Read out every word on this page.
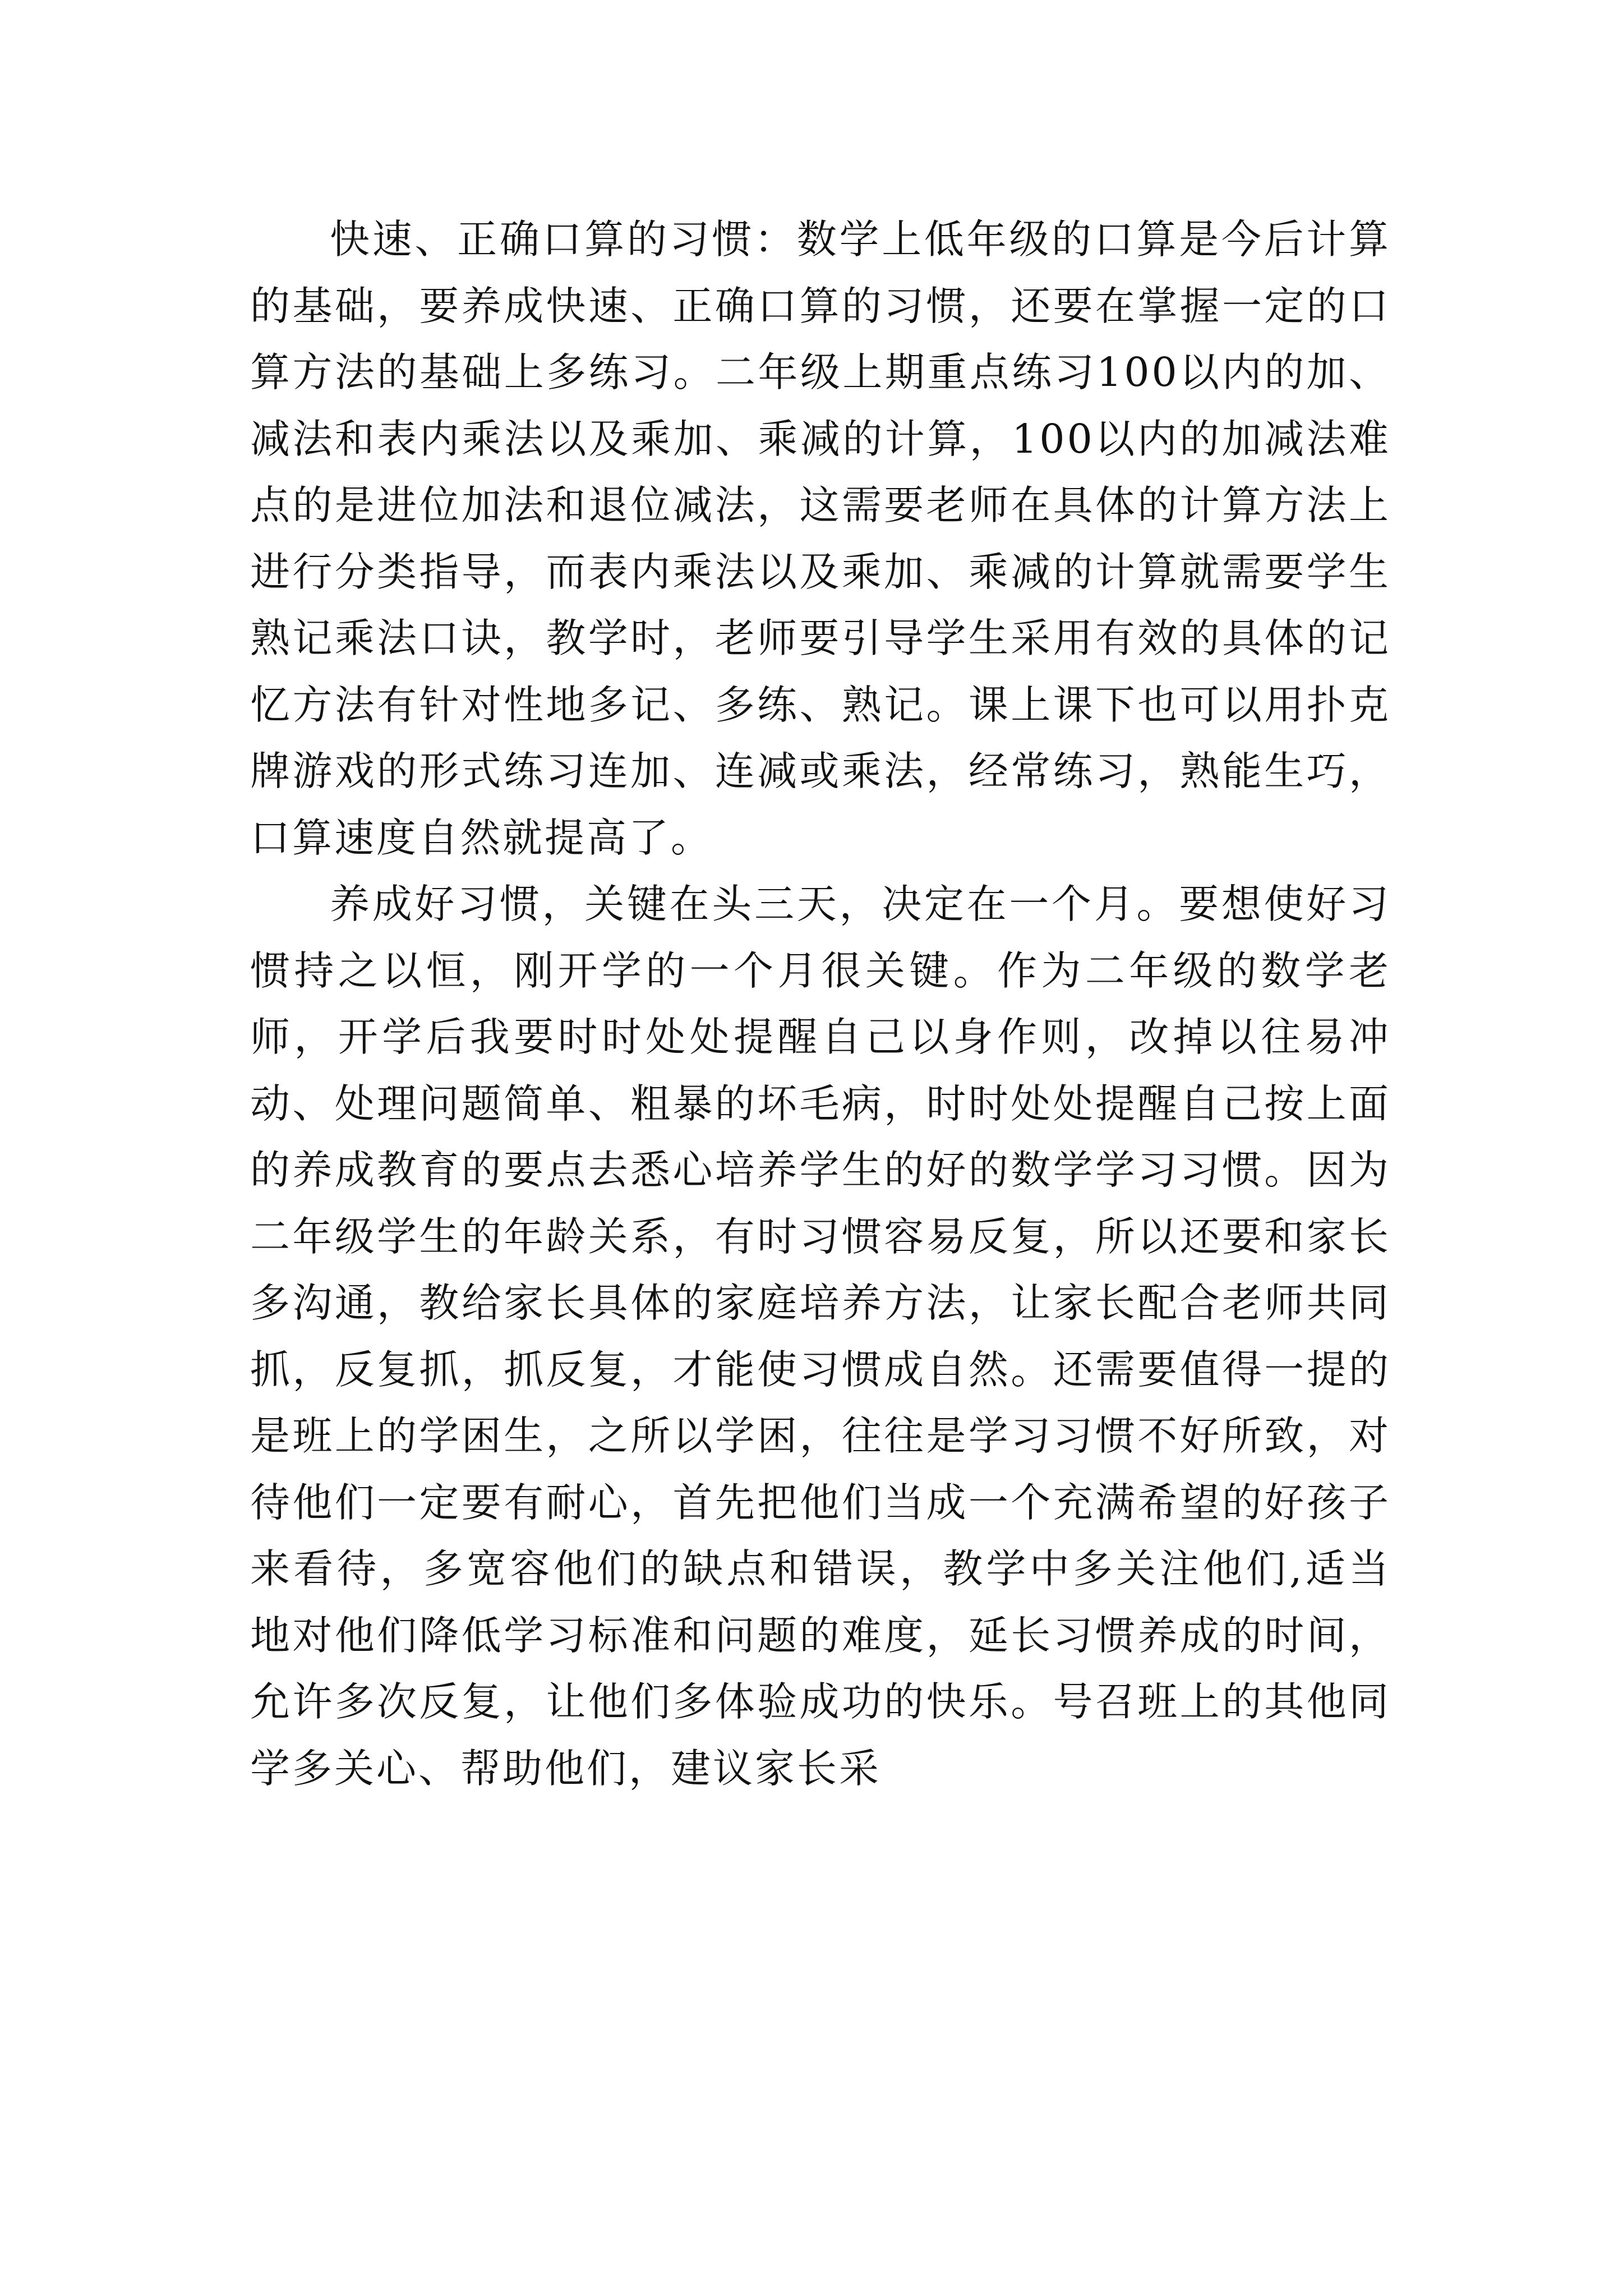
快速、正确口算的习惯：数学上低年级的口算是今后计算的基础，要养成快速、正确口算的习惯，还要在掌握一定的口算方法的基础上多练习。二年级上期重点练习100以内的加、减法和表内乘法以及乘加、乘减的计算，100以内的加减法难点的是进位加法和退位减法，这需要老师在具体的计算方法上进行分类指导，而表内乘法以及乘加、乘减的计算就需要学生熟记乘法口诀，教学时，老师要引导学生采用有效的具体的记忆方法有针对性地多记、多练、熟记。课上课下也可以用扑克牌游戏的形式练习连加、连减或乘法，经常练习，熟能生巧，口算速度自然就提高了。

养成好习惯，关键在头三天，决定在一个月。要想使好习惯持之以恒，刚开学的一个月很关键。作为二年级的数学老师，开学后我要时时处处提醒自己以身作则，改掉以往易冲动、处理问题简单、粗暴的坏毛病，时时处处提醒自己按上面的养成教育的要点去悉心培养学生的好的数学学习习惯。因为二年级学生的年龄关系，有时习惯容易反复，所以还要和家长多沟通，教给家长具体的家庭培养方法，让家长配合老师共同抓，反复抓，抓反复，才能使习惯成自然。还需要值得一提的是班上的学困生，之所以学困，往往是学习习惯不好所致，对待他们一定要有耐心，首先把他们当成一个充满希望的好孩子来看待，多宽容他们的缺点和错误，教学中多关注他们,适当地对他们降低学习标准和问题的难度，延长习惯养成的时间，允许多次反复，让他们多体验成功的快乐。号召班上的其他同学多关心、帮助他们，建议家长采
